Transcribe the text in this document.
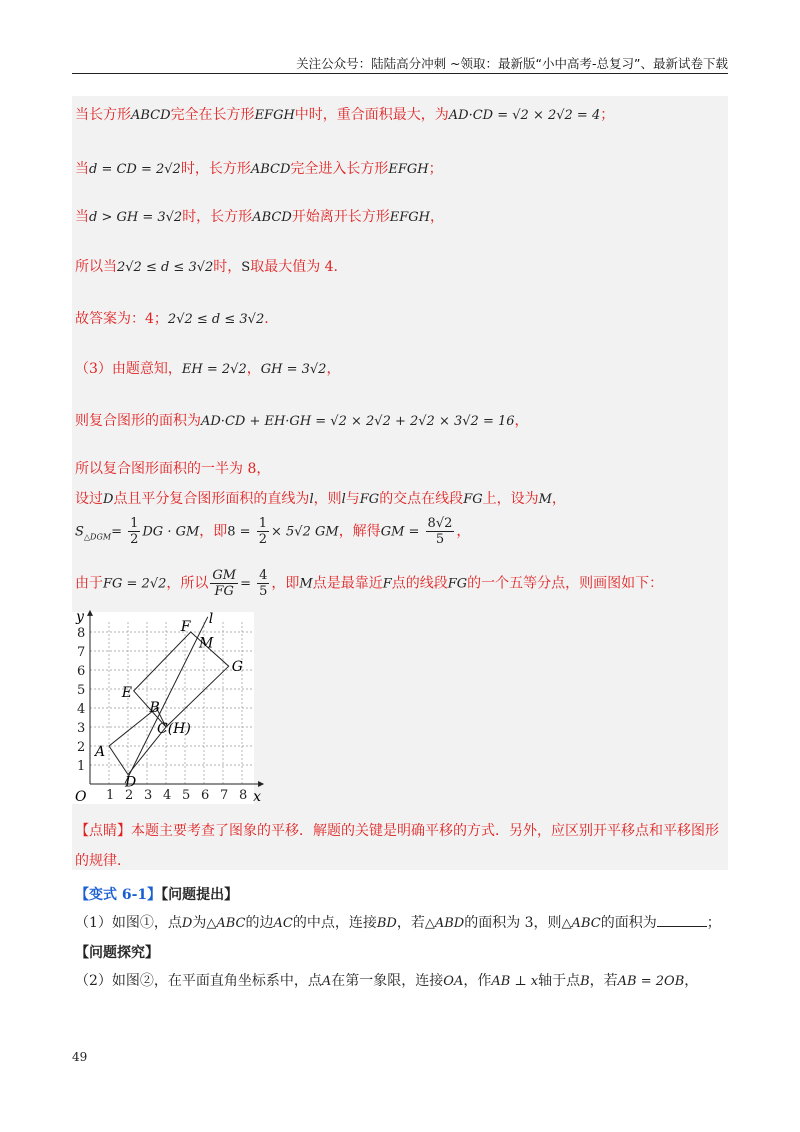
关注公众号：陆陆高分冲刺 ~领取：最新版“小中高考-总复习”、最新试卷下载
当长方形ABCD完全在长方形EFGH中时，重合面积最大，为AD·CD = √2 × 2√2 = 4；
当d = CD = 2√2时，长方形ABCD完全进入长方形EFGH；
当d > GH = 3√2时，长方形ABCD开始离开长方形EFGH，
所以当2√2 ≤ d ≤ 3√2时，S取最大值为 4.
故答案为：4；2√2 ≤ d ≤ 3√2.
（3）由题意知，EH = 2√2，GH = 3√2，
则复合图形的面积为AD·CD + EH·GH = √2 × 2√2 + 2√2 × 3√2 = 16，
所以复合图形面积的一半为 8，
设过D点且平分复合图形面积的直线为l，则l与FG的交点在线段FG上，设为M，
$S_{\triangle DGM}= \frac{1}{2}$ DG · GM，即$8 = \frac{1}{2} \times 5√2$ GM，解得GM = $\frac{8√2}{5}$ ，
由于FG = 2√2，所以 $\frac{GM}{FG} = \frac{4}{5}$ ，即M点是最靠近F点的线段FG的一个五等分点，则画图如下：
y
x
O 1 2 3 4 5 6 7 8
1
2
3
4
5
6
7
8
A
B
C(H)
D
E
F
G
M
l
【点睛】本题主要考查了图象的平移．解题的关键是明确平移的方式．另外，应区别开平移点和平移图形
的规律．
【变式 6-1】【问题提出】
（1）如图①，点D为△ABC的边AC的中点，连接BD，若△ABD的面积为 3，则△ABC的面积为	；
【问题探究】
（2）如图②，在平面直角坐标系中，点A在第一象限，连接OA，作AB ⊥ x轴于点B，若AB = 2OB，
49
